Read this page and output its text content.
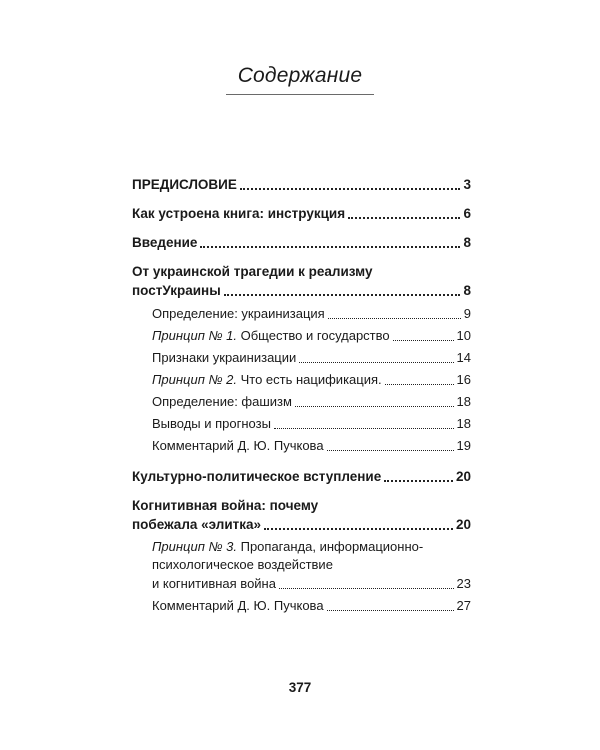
Содержание
ПРЕДИСЛОВИЕ	3
Как устроена книга: инструкция	6
Введение	8
От украинской трагедии к реализму
постУкраины	8
Определение: украинизация	9
Принцип № 1. Общество и государство	10
Признаки украинизации	14
Принцип № 2. Что есть нацификация.	16
Определение: фашизм	18
Выводы и прогнозы	18
Комментарий Д. Ю. Пучкова	19
Культурно-политическое вступление	20
Когнитивная война: почему
побежала «элитка»	20
Принцип № 3. Пропаганда, информационно-
психологическое воздействие
и когнитивная война	23
Комментарий Д. Ю. Пучкова	27
377
